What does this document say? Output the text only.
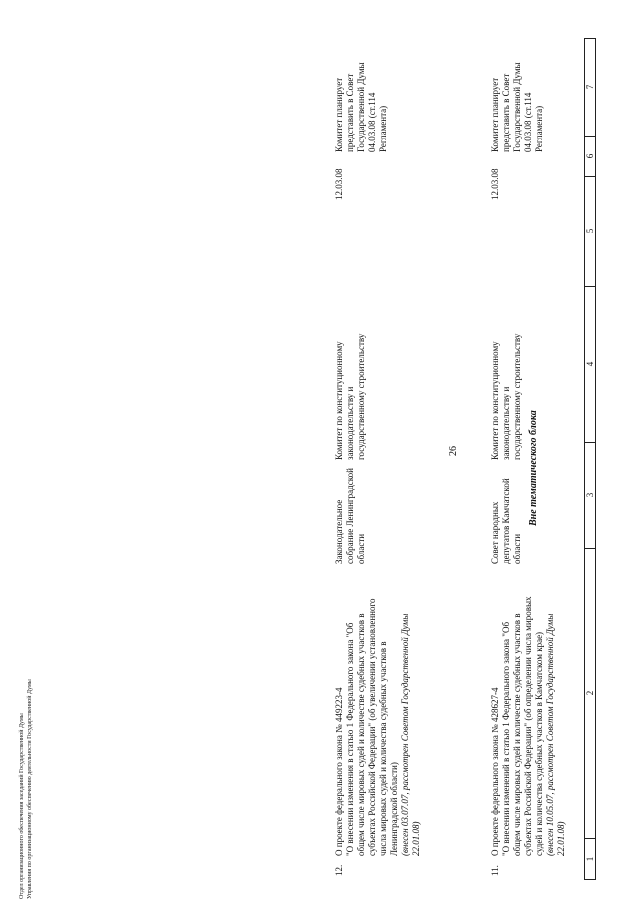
26
1
2
3
4
5
6
7
Вне тематического блока
11.
О проекте федерального закона № 428627-4 "О внесении изменений в статью 1 Федерального закона "Об общем числе мировых судей и количестве судебных участков в субъектах Российской Федерации" (об определении числа мировых судей и количества судебных участков в Камчатском крае) (внесен 10.05.07, рассмотрен Советом Государственной Думы 22.01.08)
Совет народных депутатов Камчатской области
Комитет по конституционному законодательству и государственному строительству
12.03.08
Комитет планирует представить в Совет Государственной Думы 04.03.08 (ст.114 Регламента)
12.
О проекте федерального закона № 449223-4 "О внесении изменения в статью 1 Федерального закона "Об общем числе мировых судей и количестве судебных участков в субъектах Российской Федерации" (об увеличении установленного числа мировых судей и количества судебных участков в Ленинградской области) (внесен 03.07.07, рассмотрен Советом Государственной Думы 22.01.08)
Законодательное собрание Ленинградской области
Комитет по конституционному законодательству и государственному строительству
12.03.08
Комитет планирует представить в Совет Государственной Думы 04.03.08 (ст.114 Регламента)
Отдел организационного обеспечения заседаний Государственной Думы Управления по организационному обеспечению деятельности Государственной Думы
